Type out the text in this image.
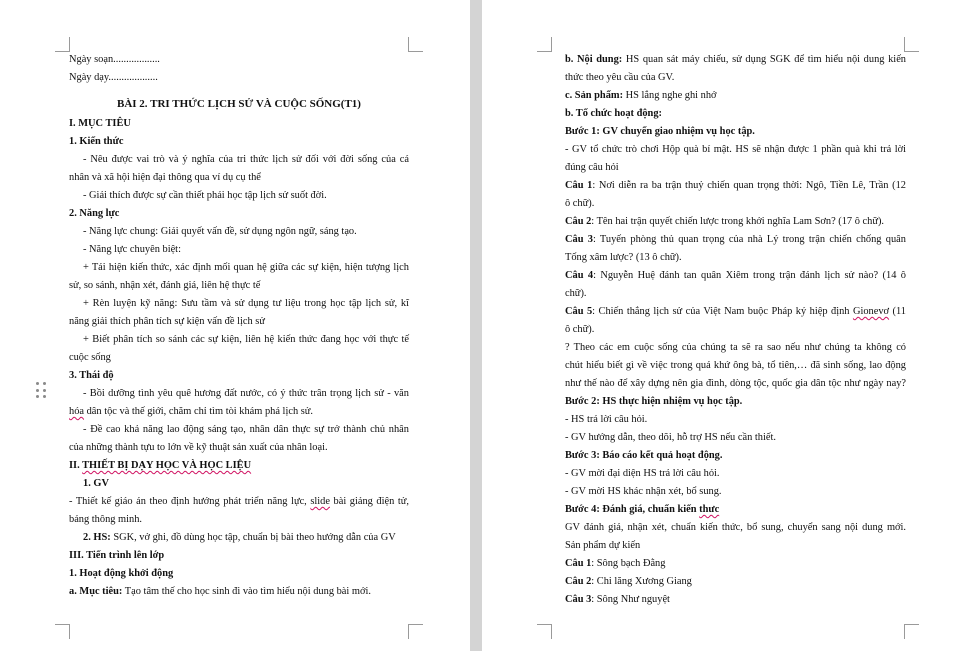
Ngày soạn..................
Ngày dạy...................
BÀI 2. TRI THỨC LỊCH SỬ VÀ CUỘC SỐNG(T1)
I. MỤC TIÊU
1. Kiến thức
- Nêu được vai trò và ý nghĩa của tri thức lịch sử đối với đời sống của cá
nhân và xã hội hiện đại thông qua ví dụ cụ thể
- Giải thích được sự cần thiết phải học tập lịch sử suốt đời.
2. Năng lực
- Năng lực chung: Giải quyết vấn đề, sử dụng ngôn ngữ, sáng tạo.
- Năng lực chuyên biệt:
+ Tái hiện kiến thức, xác định mối quan hệ giữa các sự kiện, hiện tượng lịch
sử, so sánh, nhận xét, đánh giá, liên hệ thực tế
+ Rèn luyện kỹ năng: Sưu tầm và sử dụng tư liệu trong học tập lịch sử, kĩ
năng giải thích phân tích sự kiện vấn đề lịch sử
+ Biết phân tích so sánh các sự kiện, liên hệ kiến thức đang học với thực tế
cuộc sống
3. Thái độ
- Bồi dưỡng tình yêu quê hương đất nước, có ý thức trân trọng lịch sử - văn
hóa dân tộc và thế giới, chăm chỉ tìm tòi khám phá lịch sử.
- Đề cao khả năng lao động sáng tạo, nhân dân thực sự trở thành chủ nhân
của những thành tựu to lớn về kỹ thuật sản xuất của nhân loại.
II. THIẾT BỊ DẠY HỌC VÀ HỌC LIỆU
1. GV
- Thiết kế giáo án theo định hướng phát triển năng lực, slide bài giảng điện tử,
bảng thông minh.
2. HS: SGK, vở ghi, đồ dùng học tập, chuẩn bị bài theo hướng dẫn của GV
III. Tiến trình lên lớp
1. Hoạt động khởi động
a. Mục tiêu: Tạo tâm thế cho học sinh đi vào tìm hiểu nội dung bài mới.
b. Nội dung: HS quan sát máy chiếu, sử dụng SGK để tìm hiểu nội dung kiến
thức theo yêu cầu của GV.
c. Sản phẩm: HS lắng nghe ghi nhớ
b. Tổ chức hoạt động:
Bước 1: GV chuyển giao nhiệm vụ học tập.
- GV tổ chức trò chơi Hộp quà bí mật. HS sẽ nhận được 1 phần quà khi trả lời
đúng câu hỏi
Câu 1: Nơi diễn ra ba trận thuỷ chiến quan trọng thời: Ngô, Tiền Lê, Trần (12
ô chữ).
Câu 2: Tên hai trận quyết chiến lược trong khởi nghĩa Lam Sơn? (17 ô chữ).
Câu 3: Tuyến phòng thủ quan trọng của nhà Lý trong trận chiến chống quân
Tống xâm lược? (13 ô chữ).
Câu 4: Nguyễn Huệ đánh tan quân Xiêm trong trận đánh lịch sử nào? (14 ô
chữ).
Câu 5: Chiến thắng lịch sử của Việt Nam buộc Pháp ký hiệp định Gionevơ (11
ô chữ).
? Theo các em cuộc sống của chúng ta sẽ ra sao nếu như chúng ta không có
chút hiểu biết gì về việc trong quá khứ ông bà, tổ tiên,… đã sinh sống, lao động
như thế nào để xây dựng nên gia đình, dòng tộc, quốc gia dân tộc như ngày nay?
Bước 2: HS thực hiện nhiệm vụ học tập.
- HS trả lời câu hỏi.
- GV hướng dẫn, theo dõi, hỗ trợ HS nếu cần thiết.
Bước 3: Báo cáo kết quả hoạt động.
- GV mời đại diện HS trả lời câu hỏi.
- GV mời HS khác nhận xét, bổ sung.
Bước 4: Đánh giá, chuẩn kiến thưc
GV đánh giá, nhận xét, chuẩn kiến thức, bổ sung, chuyển sang nội dung mới.
Sản phẩm dự kiến
Câu 1: Sông bạch Đằng
Câu 2: Chi lăng Xương Giang
Câu 3: Sông Như nguyệt
